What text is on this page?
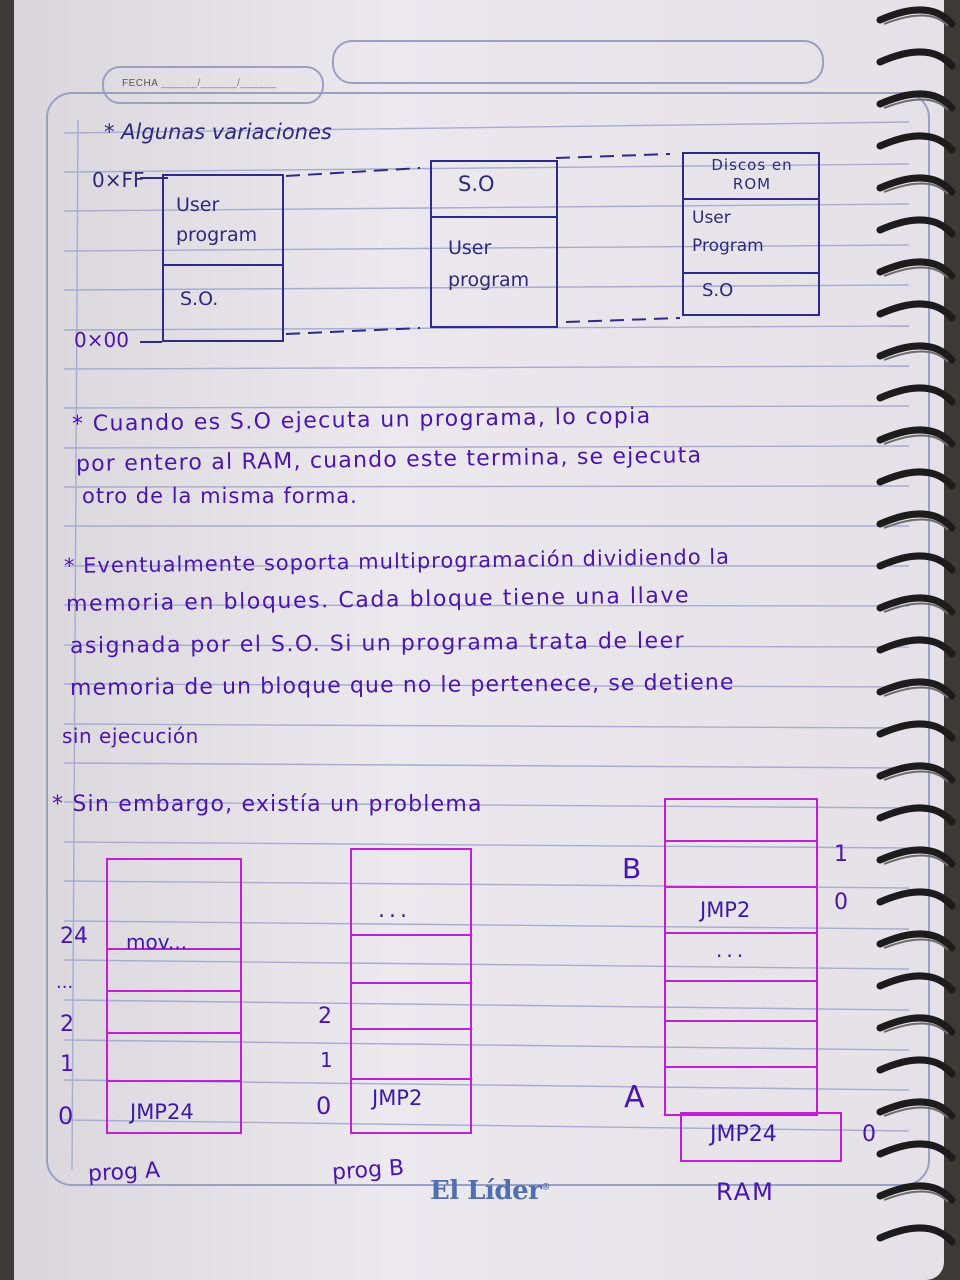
FECHA ______/______/______
* Algunas variaciones
0×FF
0×00
User program
S.O.
S.O
User program
Discos en ROM
User Program
S.O
* Cuando es S.O ejecuta un programa, lo copia
por entero al RAM, cuando este termina, se ejecuta
otro de la misma forma.
* Eventualmente soporta multiprogramación dividiendo la
memoria en bloques. Cada bloque tiene una llave
asignada por el S.O. Si un programa trata de leer
memoria de un bloque que no le pertenece, se detiene
sin ejecución
* Sin embargo, existía un problema
mov...
JMP24
24
...
2
1
0
prog A
...
JMP2
2
1
0
prog B
JMP2
...
JMP24
B
A
1
0
0
RAM
El Líder®
